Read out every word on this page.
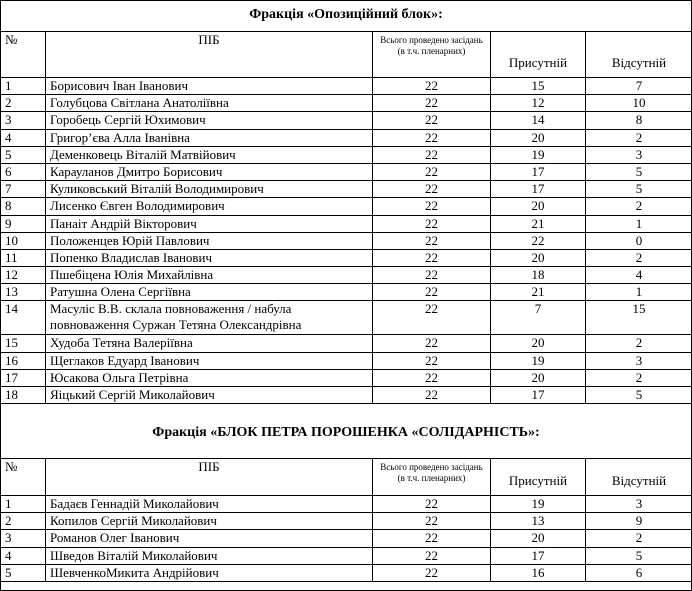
Фракція «Опозиційний блок»:
№	ПІБ	Всього проведено засідань (в т.ч. пленарних)	Присутній	Відсутній
1	Борисович Іван Іванович	22	15	7
2	Голубцова Світлана Анатоліївна	22	12	10
3	Горобець Сергій Юхимович	22	14	8
4	Григор’єва Алла Іванівна	22	20	2
5	Деменковець Віталій Матвійович	22	19	3
6	Карауланов Дмитро Борисович	22	17	5
7	Куликовський Віталій Володимирович	22	17	5
8	Лисенко Євген Володимирович	22	20	2
9	Панаіт Андрій Вікторович	22	21	1
10	Положенцев Юрій Павлович	22	22	0
11	Попенко Владислав Іванович	22	20	2
12	Пшебіцена Юлія Михайлівна	22	18	4
13	Ратушна Олена Сергіївна	22	21	1
14	Масуліс В.В. склала повноваження / набула повноваження Суржан Тетяна Олександрівна	22	7	15
15	Худоба Тетяна Валеріївна	22	20	2
16	Щеглаков Едуард Іванович	22	19	3
17	Юсакова Ольга Петрівна	22	20	2
18	Яіцький Сергій Миколайович	22	17	5
Фракція «БЛОК ПЕТРА ПОРОШЕНКА «СОЛІДАРНІСТЬ»:
№	ПІБ	Всього проведено засідань (в т.ч. пленарних)	Присутній	Відсутній
1	Бадаєв Геннадій Миколайович	22	19	3
2	Копилов Сергій Миколайович	22	13	9
3	Романов Олег Іванович	22	20	2
4	Шведов Віталій Миколайович	22	17	5
5	ШевченкоМикита Андрійович	22	16	6
